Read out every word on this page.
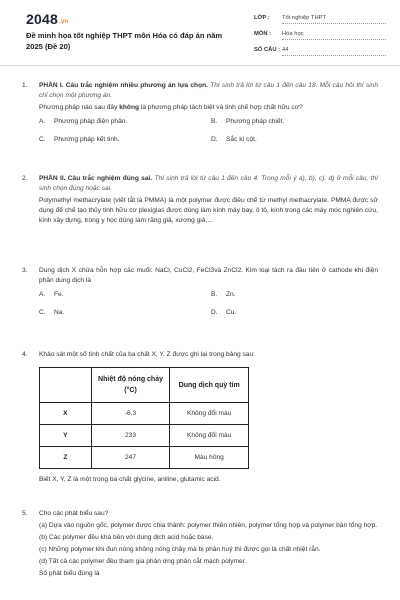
2048.vn
Đề minh họa tốt nghiệp THPT môn Hóa có đáp án năm 2025 (Đề 20)
LỚP : Tốt nghiệp THPT
MÔN : Hóa học
SỐ CÂU : 44
1.	PHẦN I. Câu trắc nghiệm nhiều phương án lựa chọn. Thí sinh trả lời từ câu 1 đến câu 18. Mỗi câu hỏi thí sinh chỉ chọn một phương án.

Phương pháp nào sau đây không là phương pháp tách biệt và tinh chế hợp chất hữu cơ?

A. Phương pháp điện phân.	B. Phương pháp chiết.
C. Phương pháp kết tinh.	D. Sắc kí cột.
2.	PHẦN II. Câu trắc nghiệm đúng sai. Thí sinh trả lời từ câu 1 đến câu 4. Trong mỗi ý a), b), c), d) ở mỗi câu, thí sinh chọn đúng hoặc sai.

Polymethyl methacrylate (viết tắt là PMMA) là một polymer được điều chế từ methyl methacrylate. PMMA được sử dụng để chế tạo thủy tinh hữu cơ plexiglas được dùng làm kính máy bay, ô tô, kính trong các máy móc nghiên cứu, kính xây dựng, trong y học dùng làm răng giả, xương giả,...

3.	Dung dịch X chứa hỗn hợp các muối: NaCl, CuCl2, FeCl3và ZnCl2. Kim loại tách ra đầu tiên ở cathode khi điện phân dung dịch là

A. Fe.	B. Zn.
C. Na.	D. Cu.
4.	Khảo sát một số tính chất của ba chất X, Y, Z được ghi lại trong bảng sau:

	Nhiệt độ nóng chảy
(°C)	Dung dịch quỳ tím
X	-6,3	Không đổi màu
Y	233	Không đổi màu
Z	247	Màu hồng

Biết X, Y, Z là một trong ba chất glycine, aniline, glutamic acid.

5.	Cho các phát biểu sau?

(a) Dựa vào nguồn gốc, polymer được chia thành: polymer thiên nhiên, polymer tổng hợp và polymer bán tổng hợp.

(b) Các polymer đều khá bền với dung dịch acid hoặc base.

(c) Những polymer khi đun nóng không nóng chảy mà bị phân huỷ thì được gọi là chất nhiệt rắn.

(d) Tất cả các polymer đều tham gia phản ứng phản cắt mạch polymer.

Số phát biểu đúng là
